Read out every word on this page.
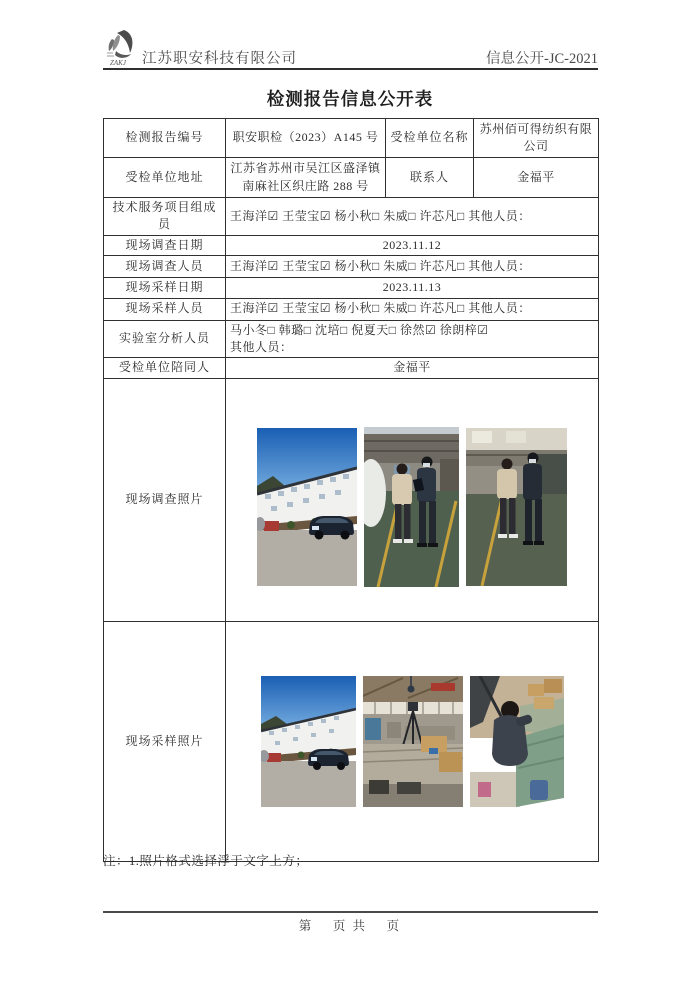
ZAKJ 江苏职安科技有限公司	信息公开-JC-2021
检测报告信息公开表
检测报告编号	职安职检（2023）A145 号	受检单位名称	苏州佰可得纺织有限公司
受检单位地址	江苏省苏州市吴江区盛泽镇南麻社区织庄路 288 号	联系人	金福平
技术服务项目组成员	王海洋☑ 王莹宝☑ 杨小秋□ 朱威□ 许芯凡□ 其他人员：		
现场调查日期	2023.11.12		
现场调查人员	王海洋☑ 王莹宝☑ 杨小秋□ 朱威□ 许芯凡□ 其他人员：		
现场采样日期	2023.11.13		
现场采样人员	王海洋☑ 王莹宝☑ 杨小秋□ 朱威□ 许芯凡□ 其他人员：		
实验室分析人员	马小冬□ 韩璐□ 沈培□ 倪夏天□ 徐然☑ 徐朗梓☑
其他人员：		

受检单位陪同人	金福平		
现场调查照片	

现场采样照片	
注：1.照片格式选择浮于文字上方；
第　 页 共　 页
